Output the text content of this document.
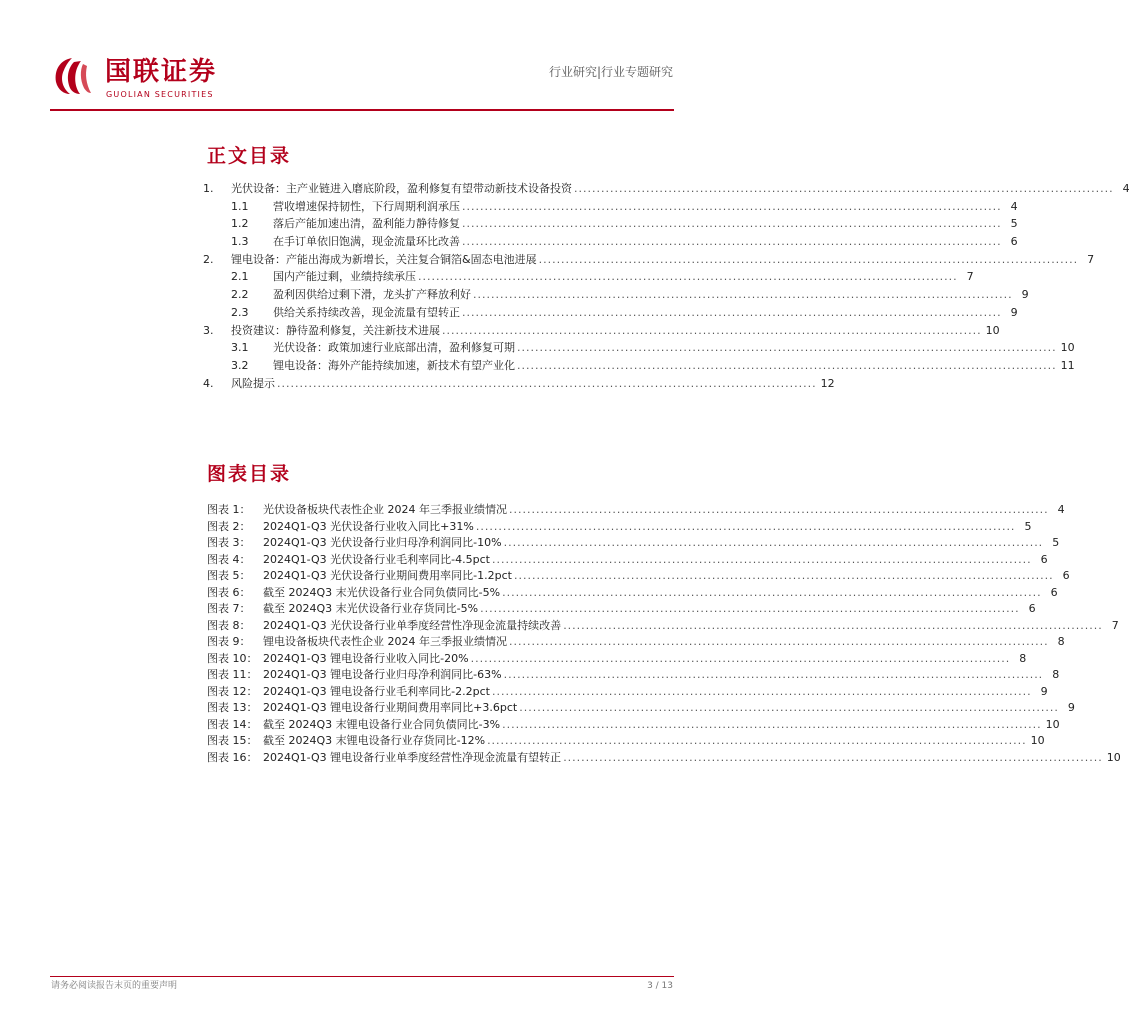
国联证券
GUOLIAN SECURITIES
行业研究|行业专题研究
正文目录
1.	光伏设备：主产业链进入磨底阶段，盈利修复有望带动新技术设备投资 ........................................................................................................................ 4
1.1	营收增速保持韧性，下行周期利润承压 ........................................................................................................................ 4
1.2	落后产能加速出清，盈利能力静待修复 ........................................................................................................................ 5
1.3	在手订单依旧饱满，现金流量环比改善 ........................................................................................................................ 6
2.	锂电设备：产能出海成为新增长，关注复合铜箔&固态电池进展 ........................................................................................................................ 7
2.1	国内产能过剩，业绩持续承压 ........................................................................................................................ 7
2.2	盈利因供给过剩下滑，龙头扩产释放利好 ........................................................................................................................ 9
2.3	供给关系持续改善，现金流量有望转正 ........................................................................................................................ 9
3.	投资建议：静待盈利修复，关注新技术进展 ........................................................................................................................ 10
3.1	光伏设备：政策加速行业底部出清，盈利修复可期 ........................................................................................................................ 10
3.2	锂电设备：海外产能持续加速，新技术有望产业化 ........................................................................................................................ 11
4.	风险提示 ........................................................................................................................ 12
图表目录
图表 1：	光伏设备板块代表性企业 2024 年三季报业绩情况 ........................................................................................................................ 4
图表 2：	2024Q1-Q3 光伏设备行业收入同比+31% ........................................................................................................................ 5
图表 3：	2024Q1-Q3 光伏设备行业归母净利润同比-10% ........................................................................................................................ 5
图表 4：	2024Q1-Q3 光伏设备行业毛利率同比-4.5pct ........................................................................................................................ 6
图表 5：	2024Q1-Q3 光伏设备行业期间费用率同比-1.2pct ........................................................................................................................ 6
图表 6：	截至 2024Q3 末光伏设备行业合同负债同比-5% ........................................................................................................................ 6
图表 7：	截至 2024Q3 末光伏设备行业存货同比-5% ........................................................................................................................ 6
图表 8：	2024Q1-Q3 光伏设备行业单季度经营性净现金流量持续改善 ........................................................................................................................ 7
图表 9：	锂电设备板块代表性企业 2024 年三季报业绩情况 ........................................................................................................................ 8
图表 10： 2024Q1-Q3 锂电设备行业收入同比-20% ........................................................................................................................ 8
图表 11： 2024Q1-Q3 锂电设备行业归母净利润同比-63% ........................................................................................................................ 8
图表 12： 2024Q1-Q3 锂电设备行业毛利率同比-2.2pct ........................................................................................................................ 9
图表 13： 2024Q1-Q3 锂电设备行业期间费用率同比+3.6pct ........................................................................................................................ 9
图表 14： 截至 2024Q3 末锂电设备行业合同负债同比-3% ........................................................................................................................ 10
图表 15： 截至 2024Q3 末锂电设备行业存货同比-12% ........................................................................................................................ 10
图表 16： 2024Q1-Q3 锂电设备行业单季度经营性净现金流量有望转正 ........................................................................................................................ 10
请务必阅读报告末页的重要声明	3 / 13
